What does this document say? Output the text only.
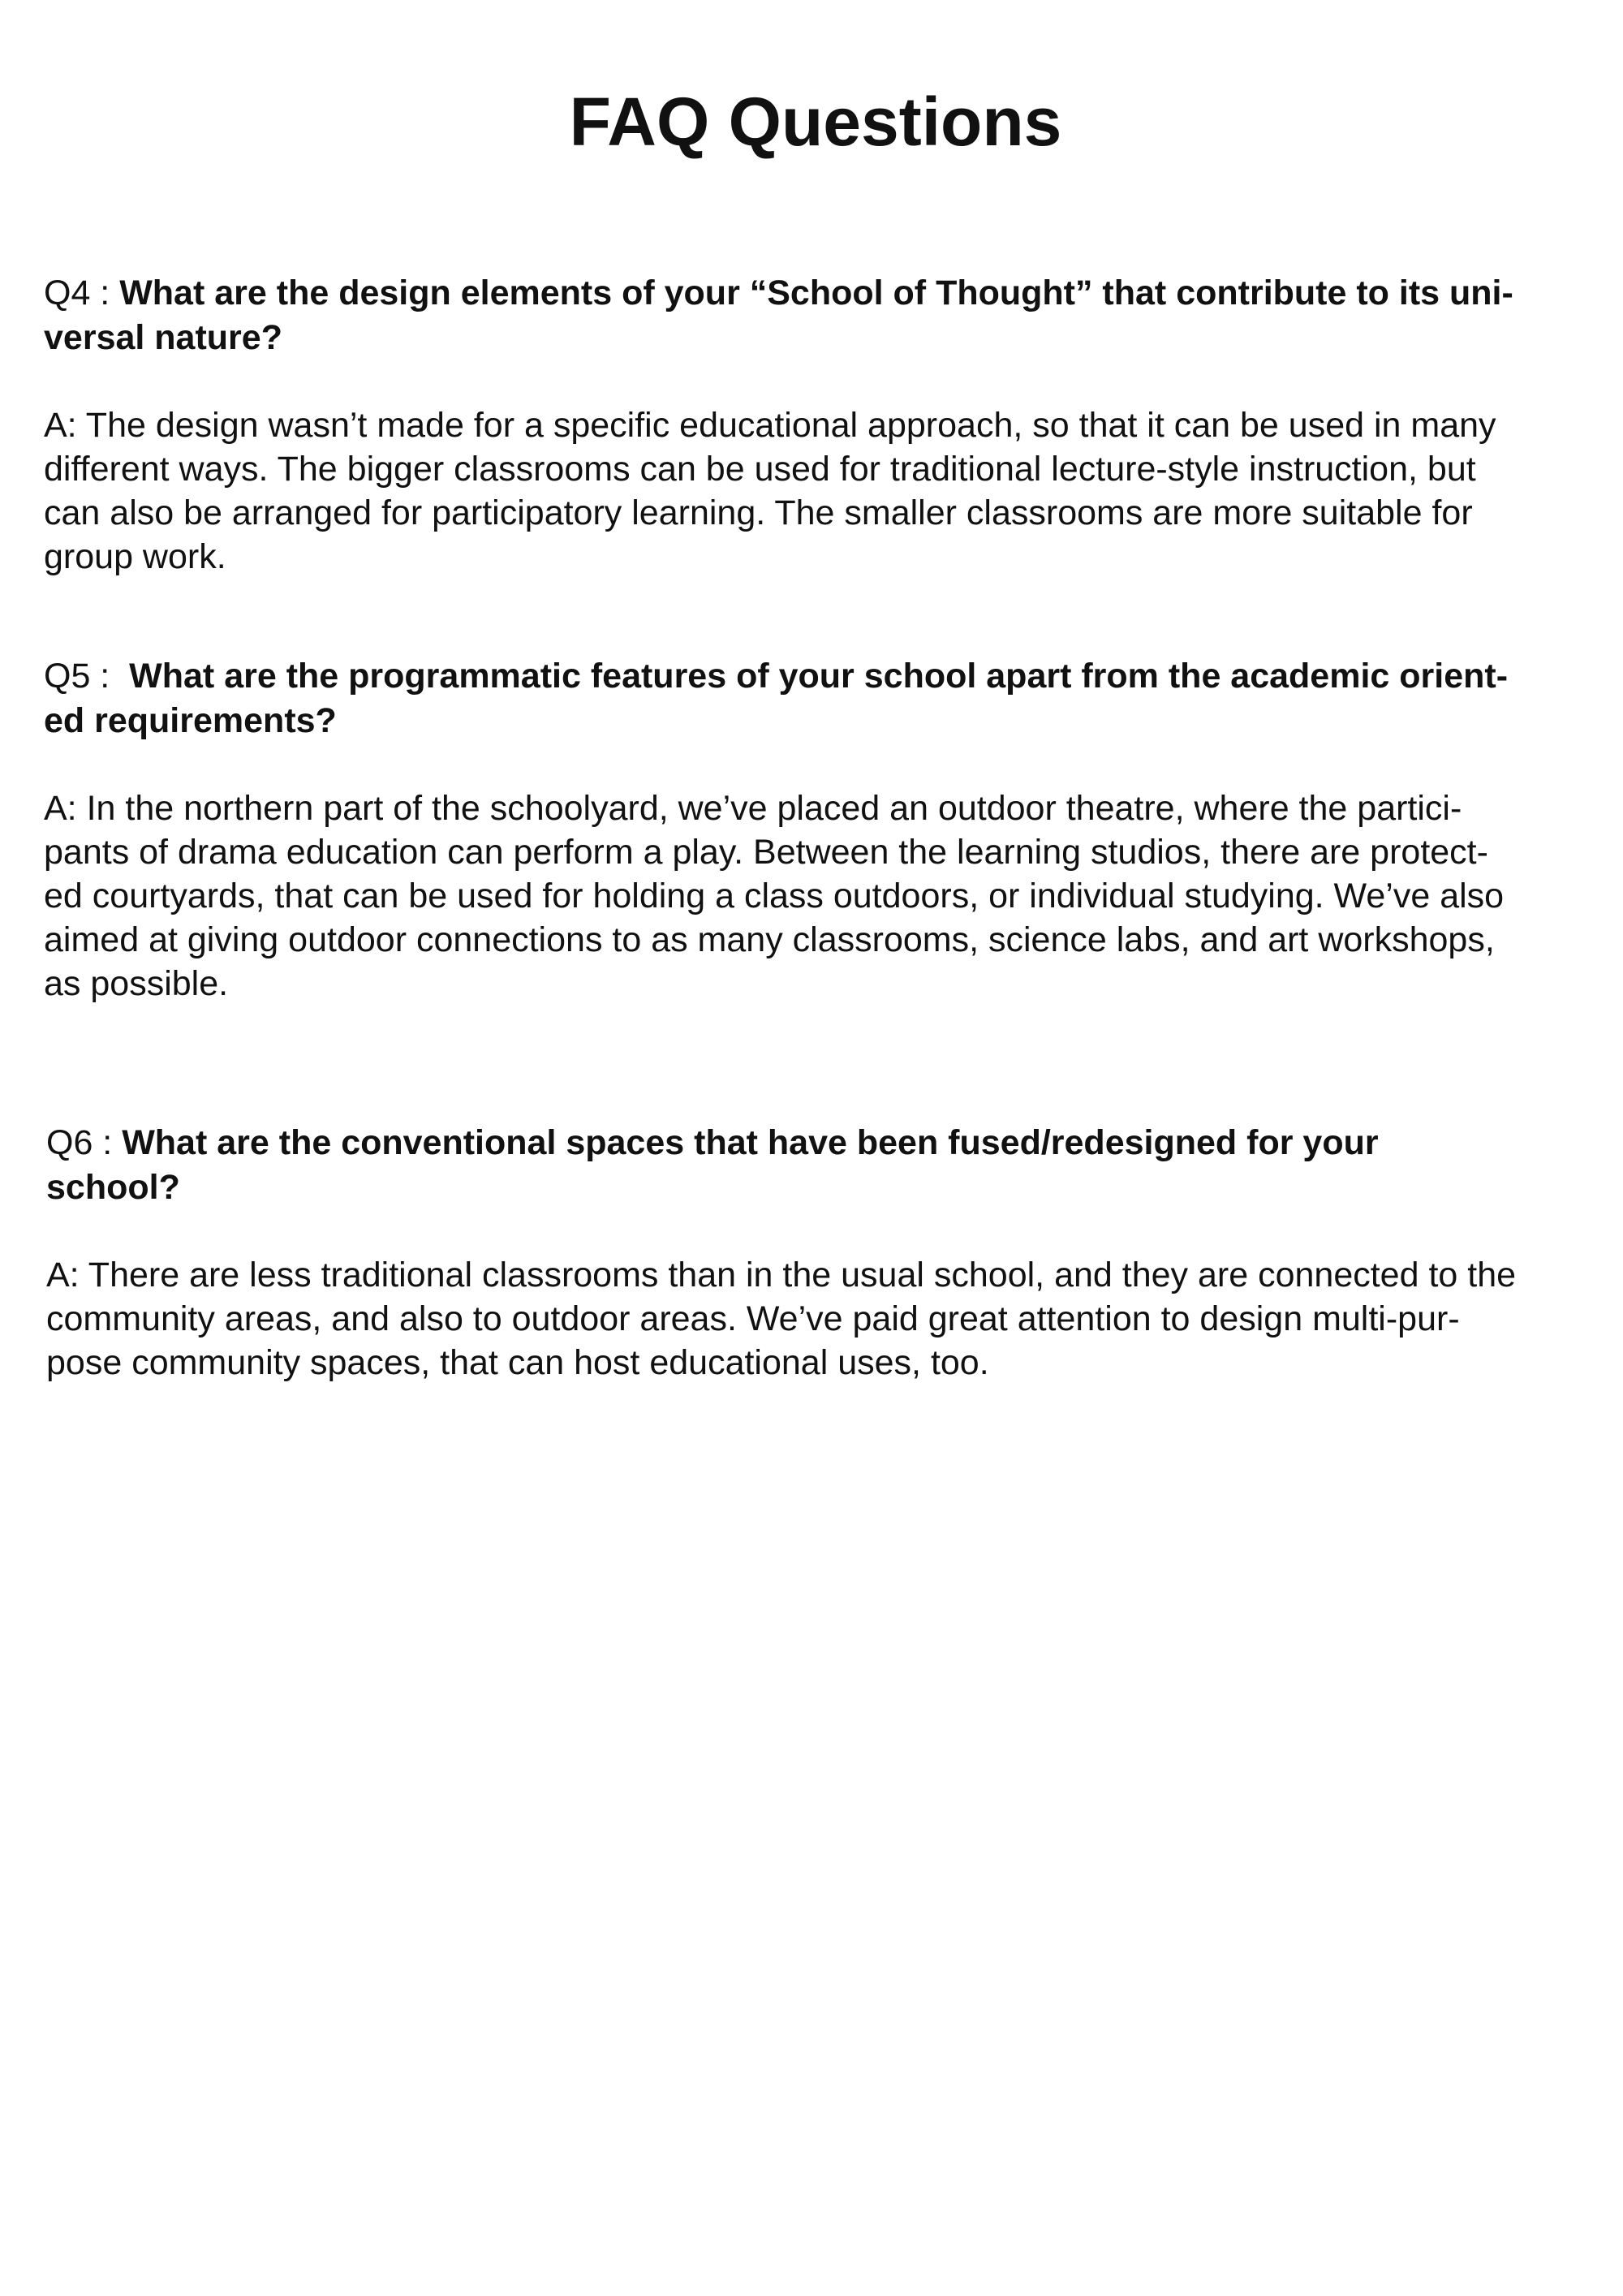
FAQ Questions

Q4 : What are the design elements of your “School of Thought” that contribute to its uni-

versal nature?

A: The design wasn’t made for a specific educational approach, so that it can be used in many

different ways. The bigger classrooms can be used for traditional lecture-style instruction, but

can also be arranged for participatory learning. The smaller classrooms are more suitable for

group work.

Q5 :  What are the programmatic features of your school apart from the academic orient-

ed requirements?

A: In the northern part of the schoolyard, we’ve placed an outdoor theatre, where the partici-

pants of drama education can perform a play. Between the learning studios, there are protect-

ed courtyards, that can be used for holding a class outdoors, or individual studying. We’ve also

aimed at giving outdoor connections to as many classrooms, science labs, and art workshops,

as possible.

Q6 : What are the conventional spaces that have been fused/redesigned for your

school?

A: There are less traditional classrooms than in the usual school, and they are connected to the

community areas, and also to outdoor areas. We’ve paid great attention to design multi-pur-

pose community spaces, that can host educational uses, too.
